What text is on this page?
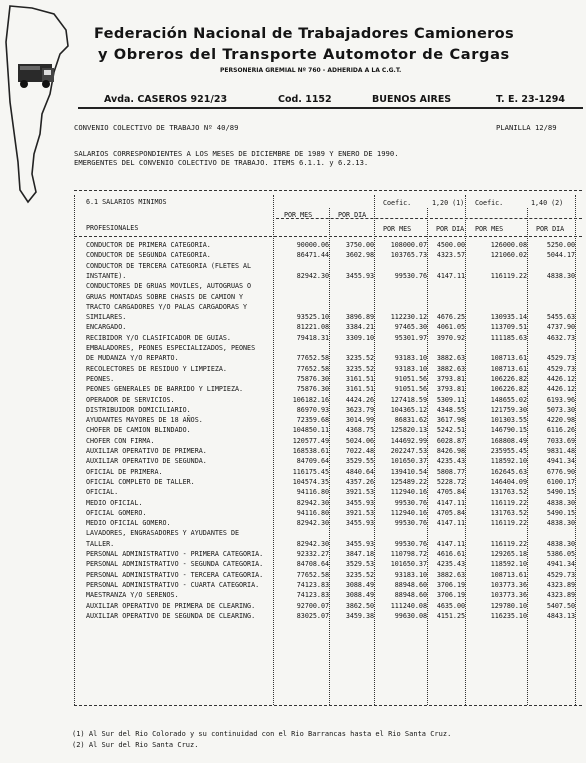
Federación Nacional de Trabajadores Camioneros
y Obreros del Transporte Automotor de Cargas
PERSONERIA GREMIAL Nº 760 - ADHERIDA A LA C.G.T.
Avda. CASEROS 921/23	Cod. 1152	BUENOS AIRES	T. E. 23-1294
CONVENIO COLECTIVO DE TRABAJO Nº 40/89	PLANILLA 12/89
SALARIOS CORRESPONDIENTES A LOS MESES DE DICIEMBRE DE 1989 Y ENERO DE 1990.
EMERGENTES DEL CONVENIO COLECTIVO DE TRABAJO. ITEMS 6.1.1. y 6.2.13.
6.1 SALARIOS MINIMOS
PROFESIONALES
Coefic.	1,20 (1) Coefic.	1,40 (2)
POR MES	POR DIA
POR MES	POR DIA POR MES	POR DIA
CONDUCTOR DE PRIMERA CATEGORIA.	90000.06	3750.00	108000.07	4500.00	126000.08	5250.00
CONDUCTOR DE SEGUNDA CATEGORIA.	86471.44	3602.98	103765.73	4323.57	121060.02	5044.17
CONDUCTOR DE TERCERA CATEGORIA (FLETES AL
INSTANTE).	82942.30	3455.93	99530.76	4147.11	116119.22	4838.30
CONDUCTORES DE GRUAS MOVILES, AUTOGRUAS O
GRUAS MONTADAS SOBRE CHASIS DE CAMION Y
TRACTO CARGADORES Y/O PALAS CARGADORAS Y
SIMILARES.	93525.10	3896.89	112230.12	4676.25	130935.14	5455.63
ENCARGADO.	81221.08	3384.21	97465.30	4061.05	113709.51	4737.90
RECIBIDOR Y/O CLASIFICADOR DE GUIAS.	79418.31	3309.10	95301.97	3970.92	111185.63	4632.73
EMBALADORES, PEONES ESPECIALIZADOS, PEONES
DE MUDANZA Y/O REPARTO.	77652.58	3235.52	93183.10	3882.63	108713.61	4529.73
RECOLECTORES DE RESIDUO Y LIMPIEZA.	77652.58	3235.52	93183.10	3882.63	108713.61	4529.73
PEONES.	75876.30	3161.51	91051.56	3793.81	106226.82	4426.12
PEONES GENERALES DE BARRIDO Y LIMPIEZA.	75876.30	3161.51	91051.56	3793.81	106226.82	4426.12
OPERADOR DE SERVICIOS.	106182.16	4424.26	127418.59	5309.11	148655.02	6193.96
DISTRIBUIDOR DOMICILIARIO.	86970.93	3623.79	104365.12	4348.55	121759.30	5073.30
AYUDANTES MAYORES DE 18 AÑOS.	72359.68	3014.99	86831.62	3617.98	101303.55	4220.98
CHOFER DE CAMION BLINDADO.	104850.11	4368.75	125820.13	5242.51	146790.15	6116.26
CHOFER CON FIRMA.	120577.49	5024.06	144692.99	6028.87	168808.49	7033.69
AUXILIAR OPERATIVO DE PRIMERA.	168538.61	7022.48	202247.53	8426.98	235955.45	9831.48
AUXILIAR OPERATIVO DE SEGUNDA.	84709.64	3529.55	101650.37	4235.43	118592.10	4941.34
OFICIAL DE PRIMERA.	116175.45	4840.64	139410.54	5808.77	162645.63	6776.90
OFICIAL COMPLETO DE TALLER.	104574.35	4357.26	125489.22	5228.72	146404.09	6100.17
OFICIAL.	94116.80	3921.53	112940.16	4705.84	131763.52	5490.15
MEDIO OFICIAL.	82942.30	3455.93	99530.76	4147.11	116119.22	4838.30
OFICIAL GOMERO.	94116.80	3921.53	112940.16	4705.84	131763.52	5490.15
MEDIO OFICIAL GOMERO.	82942.30	3455.93	99530.76	4147.11	116119.22	4838.30
LAVADORES, ENGRASADORES Y AYUDANTES DE
TALLER.	82942.30	3455.93	99530.76	4147.11	116119.22	4838.30
PERSONAL ADMINISTRATIVO - PRIMERA CATEGORIA.	92332.27	3847.18	110798.72	4616.61	129265.18	5386.05
PERSONAL ADMINISTRATIVO - SEGUNDA CATEGORIA.	84708.64	3529.53	101650.37	4235.43	118592.10	4941.34
PERSONAL ADMINISTRATIVO - TERCERA CATEGORIA.	77652.58	3235.52	93183.10	3882.63	108713.61	4529.73
PERSONAL ADMINISTRATIVO - CUARTA CATEGORIA.	74123.83	3088.49	88948.60	3706.19	103773.36	4323.89
MAESTRANZA Y/O SERENOS.	74123.83	3088.49	88948.60	3706.19	103773.36	4323.89
AUXILIAR OPERATIVO DE PRIMERA DE CLEARING.	92700.07	3862.50	111240.08	4635.00	129780.10	5407.50
AUXILIAR OPERATIVO DE SEGUNDA DE CLEARING.	83025.07	3459.38	99630.08	4151.25	116235.10	4843.13
(1) Al Sur del Rio Colorado y su continuidad con el Rio Barrancas hasta el Rio Santa Cruz.
(2) Al Sur del Rio Santa Cruz.
